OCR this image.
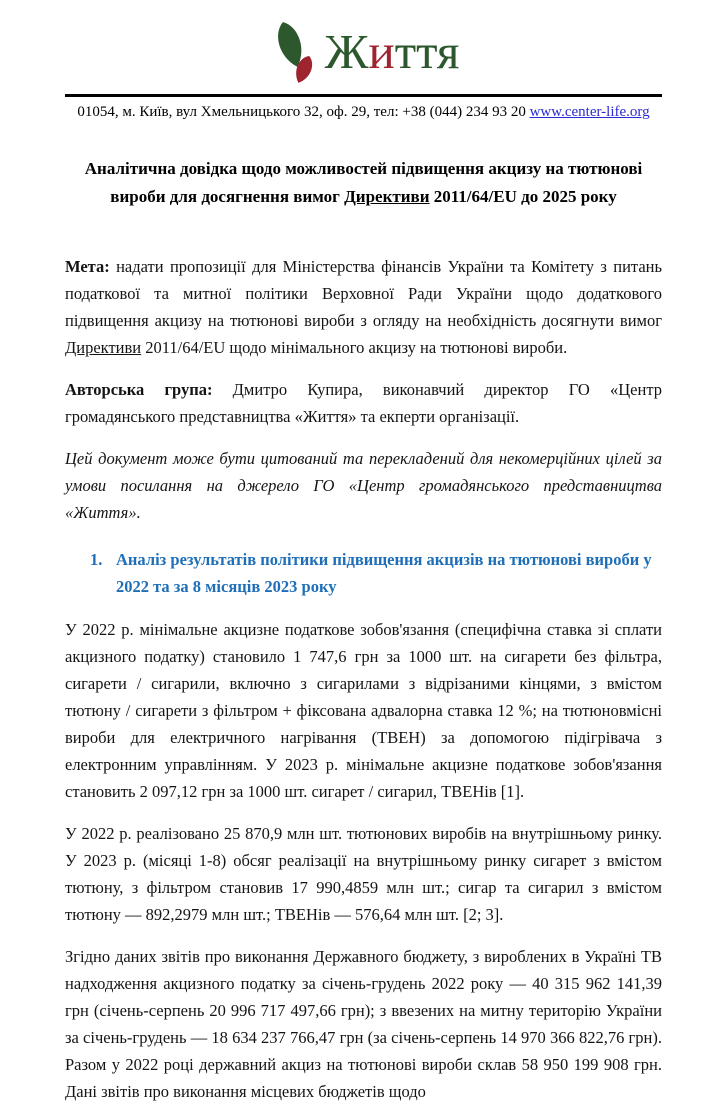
Життя
01054, м. Київ, вул Хмельницького 32, оф. 29, тел: +38 (044) 234 93 20 www.center-life.org
Аналітична довідка щодо можливостей підвищення акцизу на тютюнові вироби для досягнення вимог Директиви 2011/64/EU до 2025 року

Мета: надати пропозиції для Міністерства фінансів України та Комітету з питань податкової та митної політики Верховної Ради України щодо додаткового підвищення акцизу на тютюнові вироби з огляду на необхідність досягнути вимог Директиви 2011/64/EU щодо мінімального акцизу на тютюнові вироби.

Авторська група: Дмитро Купира, виконавчий директор ГО «Центр громадянського представництва «Життя» та екперти організації.

Цей документ може бути цитований та перекладений для некомерційних цілей за умови посилання на джерело ГО «Центр громадянського представництва «Життя».

1. Аналіз результатів політики підвищення акцизів на тютюнові вироби у 2022 та за 8 місяців 2023 року

У 2022 р. мінімальне акцизне податкове зобов'язання (специфічна ставка зі сплати акцизного податку) становило 1 747,6 грн за 1000 шт. на сигарети без фільтра, сигарети / сигарили, включно з сигарилами з відрізаними кінцями, з вмістом тютюну / сигарети з фільтром + фіксована адвалорна ставка 12 %; на тютюновмісні вироби для електричного нагрівання (ТВЕН) за допомогою підігрівача з електронним управлінням. У 2023 р. мінімальне акцизне податкове зобов'язання становить 2 097,12 грн за 1000 шт. сигарет / сигарил, ТВЕНів [1].

У 2022 р. реалізовано 25 870,9 млн шт. тютюнових виробів на внутрішньому ринку. У 2023 р. (місяці 1-8) обсяг реалізації на внутрішньому ринку сигарет з вмістом тютюну, з фільтром становив 17 990,4859 млн шт.; сигар та сигарил з вмістом тютюну — 892,2979 млн шт.; ТВЕНів — 576,64 млн шт. [2; 3].

Згідно даних звітів про виконання Державного бюджету, з вироблених в Україні ТВ надходження акцизного податку за січень-грудень 2022 року — 40 315 962 141,39 грн (січень-серпень 20 996 717 497,66 грн); з ввезених на митну територію України за січень-грудень — 18 634 237 766,47 грн (за січень-серпень 14 970 366 822,76 грн). Разом у 2022 році державний акциз на тютюнові вироби склав 58 950 199 908 грн. Дані звітів про виконання місцевих бюджетів щодо
